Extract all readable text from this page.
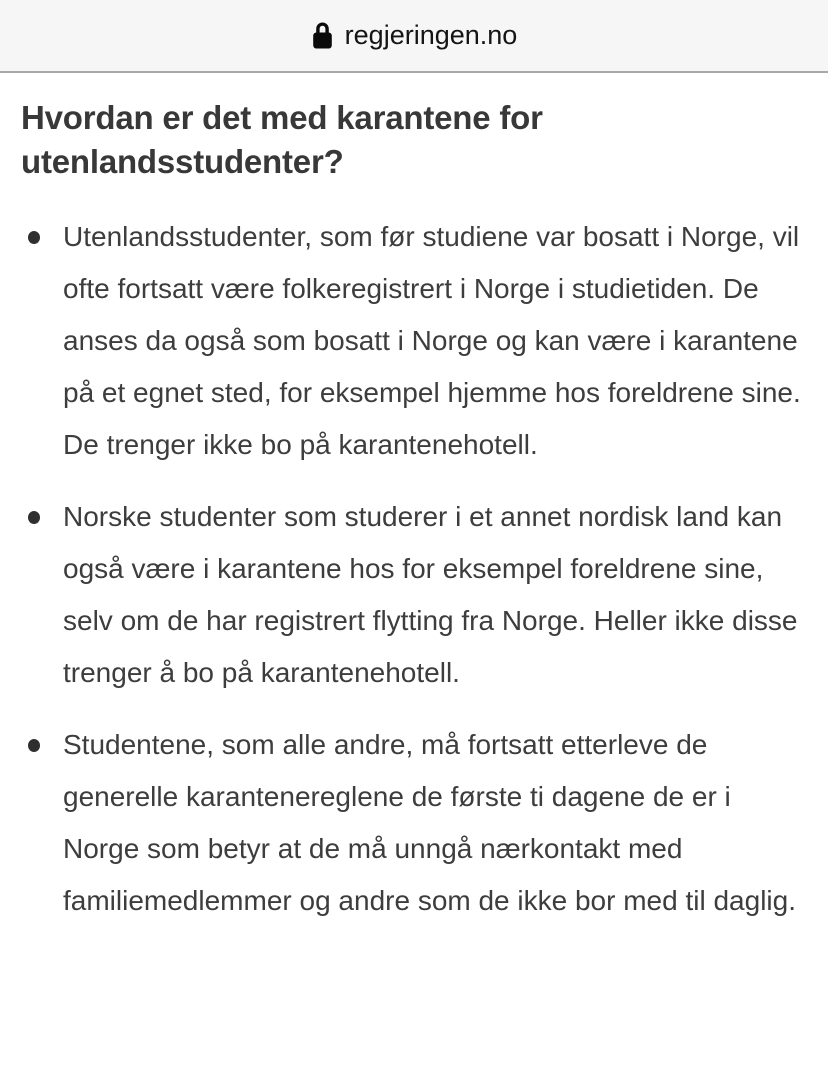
regjeringen.no
Hvordan er det med karantene for utenlandsstudenter?
Utenlandsstudenter, som før studiene var bosatt i Norge, vil ofte fortsatt være folkeregistrert i Norge i studietiden. De anses da også som bosatt i Norge og kan være i karantene på et egnet sted, for eksempel hjemme hos foreldrene sine. De trenger ikke bo på karantenehotell.
Norske studenter som studerer i et annet nordisk land kan også være i karantene hos for eksempel foreldrene sine, selv om de har registrert flytting fra Norge. Heller ikke disse trenger å bo på karantenehotell.
Studentene, som alle andre, må fortsatt etterleve de generelle karantenereglene de første ti dagene de er i Norge som betyr at de må unngå nærkontakt med familiemedlemmer og andre som de ikke bor med til daglig.
